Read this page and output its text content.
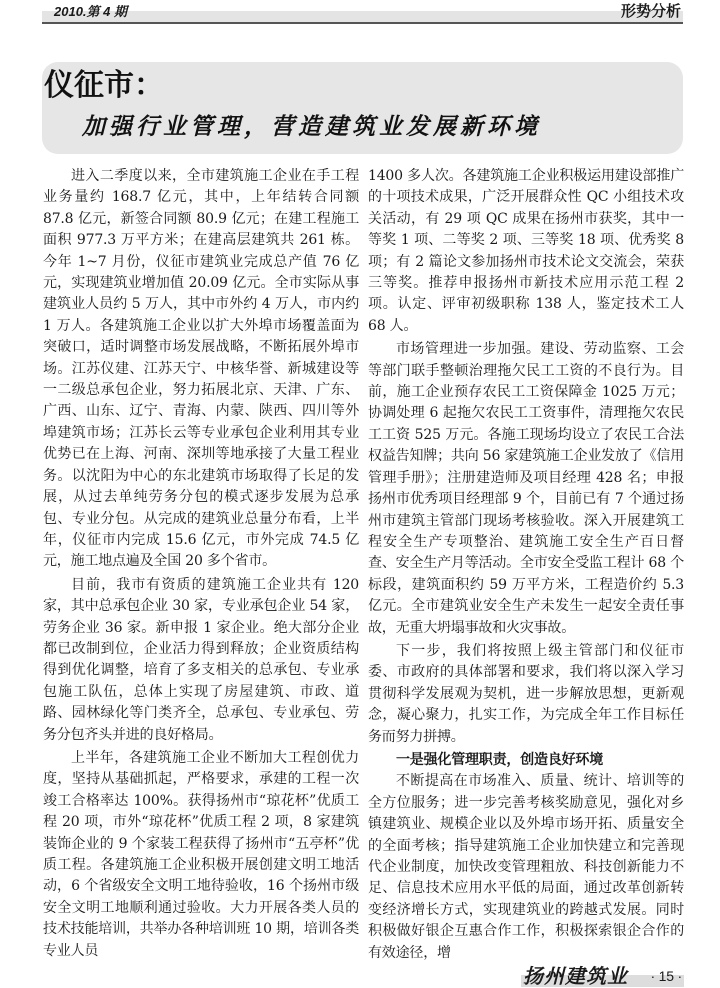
2010.第 4 期	形势分析
仪征市：
加强行业管理，营造建筑业发展新环境

进入二季度以来，全市建筑施工企业在手工程业务量约 168.7 亿元，其中，上年结转合同额 87.8 亿元，新签合同额 80.9 亿元；在建工程施工面积 977.3 万平方米；在建高层建筑共 261 栋。今年 1~7 月份，仪征市建筑业完成总产值 76 亿元，实现建筑业增加值 20.09 亿元。全市实际从事建筑业人员约 5 万人，其中市外约 4 万人，市内约 1 万人。各建筑施工企业以扩大外埠市场覆盖面为突破口，适时调整市场发展战略，不断拓展外埠市场。江苏仪建、江苏天宁、中核华誉、新城建设等一二级总承包企业，努力拓展北京、天津、广东、广西、山东、辽宁、青海、内蒙、陕西、四川等外埠建筑市场；江苏长云等专业承包企业利用其专业优势已在上海、河南、深圳等地承接了大量工程业务。以沈阳为中心的东北建筑市场取得了长足的发展，从过去单纯劳务分包的模式逐步发展为总承包、专业分包。从完成的建筑业总量分布看，上半年，仪征市内完成 15.6 亿元，市外完成 74.5 亿元，施工地点遍及全国 20 多个省市。

目前，我市有资质的建筑施工企业共有 120 家，其中总承包企业 30 家，专业承包企业 54 家，劳务企业 36 家。新申报 1 家企业。绝大部分企业都已改制到位，企业活力得到释放；企业资质结构得到优化调整，培育了多支相关的总承包、专业承包施工队伍，总体上实现了房屋建筑、市政、道路、园林绿化等门类齐全，总承包、专业承包、劳务分包齐头并进的良好格局。

上半年，各建筑施工企业不断加大工程创优力度，坚持从基础抓起，严格要求，承建的工程一次竣工合格率达 100%。获得扬州市“琼花杯”优质工程 20 项，市外“琼花杯”优质工程 2 项，8 家建筑装饰企业的 9 个家装工程获得了扬州市“五亭杯”优质工程。各建筑施工企业积极开展创建文明工地活动，6 个省级安全文明工地待验收，16 个扬州市级安全文明工地顺利通过验收。大力开展各类人员的技术技能培训，共举办各种培训班 10 期，培训各类专业人员

1400 多人次。各建筑施工企业积极运用建设部推广的十项技术成果，广泛开展群众性 QC 小组技术攻关活动，有 29 项 QC 成果在扬州市获奖，其中一等奖 1 项、二等奖 2 项、三等奖 18 项、优秀奖 8 项；有 2 篇论文参加扬州市技术论文交流会，荣获三等奖。推荐申报扬州市新技术应用示范工程 2 项。认定、评审初级职称 138 人，鉴定技术工人 68 人。

市场管理进一步加强。建设、劳动监察、工会等部门联手整顿治理拖欠民工工资的不良行为。目前，施工企业预存农民工工资保障金 1025 万元；协调处理 6 起拖欠农民工工资事件，清理拖欠农民工工资 525 万元。各施工现场均设立了农民工合法权益告知牌；共向 56 家建筑施工企业发放了《信用管理手册》；注册建造师及项目经理 428 名；申报扬州市优秀项目经理部 9 个，目前已有 7 个通过扬州市建筑主管部门现场考核验收。深入开展建筑工程安全生产专项整治、建筑施工安全生产百日督查、安全生产月等活动。全市安全受监工程计 68 个标段，建筑面积约 59 万平方米，工程造价约 5.3 亿元。全市建筑业安全生产未发生一起安全责任事故，无重大坍塌事故和火灾事故。

下一步，我们将按照上级主管部门和仪征市委、市政府的具体部署和要求，我们将以深入学习贯彻科学发展观为契机，进一步解放思想，更新观念，凝心聚力，扎实工作，为完成全年工作目标任务而努力拼搏。

一是强化管理职责，创造良好环境

不断提高在市场准入、质量、统计、培训等的全方位服务；进一步完善考核奖励意见，强化对乡镇建筑业、规模企业以及外埠市场开拓、质量安全的全面考核；指导建筑施工企业加快建立和完善现代企业制度，加快改变管理粗放、科技创新能力不足、信息技术应用水平低的局面，通过改革创新转变经济增长方式，实现建筑业的跨越式发展。同时积极做好银企互惠合作工作，积极探索银企合作的有效途径，增

扬州建筑业 · 15 ·
